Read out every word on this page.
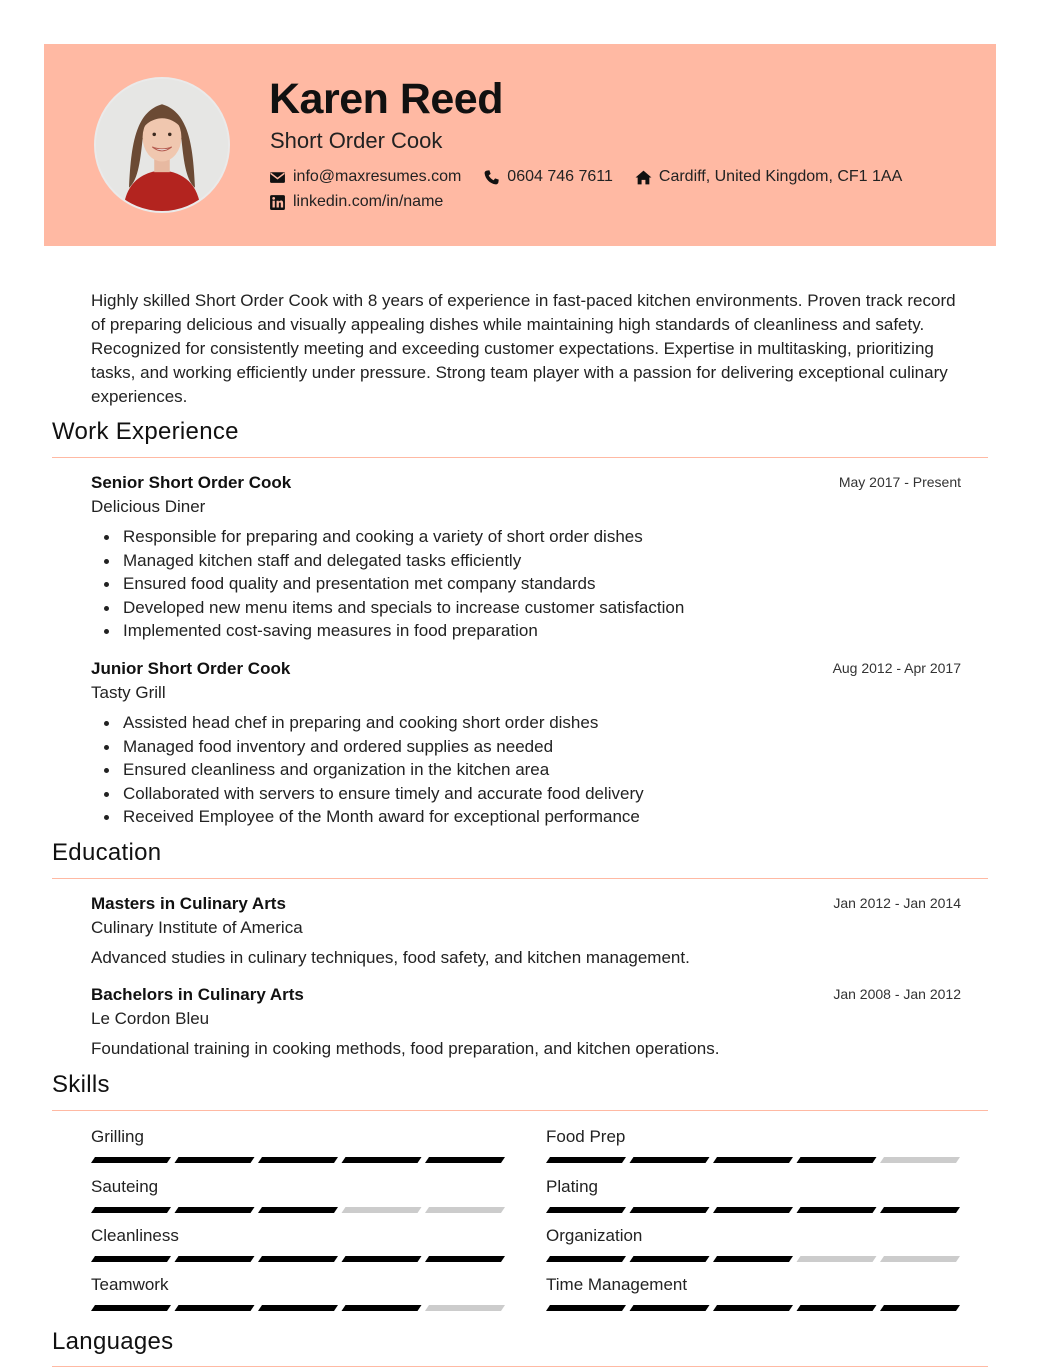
Karen Reed
Short Order Cook
info@maxresumes.com	0604 746 7611	Cardiff, United Kingdom, CF1 1AA
linkedin.com/in/name
Highly skilled Short Order Cook with 8 years of experience in fast-paced kitchen environments. Proven track record of preparing delicious and visually appealing dishes while maintaining high standards of cleanliness and safety. Recognized for consistently meeting and exceeding customer expectations. Expertise in multitasking, prioritizing tasks, and working efficiently under pressure. Strong team player with a passion for delivering exceptional culinary experiences.
Work Experience
Senior Short Order Cook
Delicious Diner
May 2017 - Present
Responsible for preparing and cooking a variety of short order dishes
Managed kitchen staff and delegated tasks efficiently
Ensured food quality and presentation met company standards
Developed new menu items and specials to increase customer satisfaction
Implemented cost-saving measures in food preparation
Junior Short Order Cook
Tasty Grill
Aug 2012 - Apr 2017
Assisted head chef in preparing and cooking short order dishes
Managed food inventory and ordered supplies as needed
Ensured cleanliness and organization in the kitchen area
Collaborated with servers to ensure timely and accurate food delivery
Received Employee of the Month award for exceptional performance
Education
Masters in Culinary Arts
Culinary Institute of America
Jan 2012 - Jan 2014
Advanced studies in culinary techniques, food safety, and kitchen management.
Bachelors in Culinary Arts
Le Cordon Bleu
Jan 2008 - Jan 2012
Foundational training in cooking methods, food preparation, and kitchen operations.
Skills
Grilling	Food Prep
Sauteing	Plating
Cleanliness	Organization
Teamwork	Time Management
Languages
